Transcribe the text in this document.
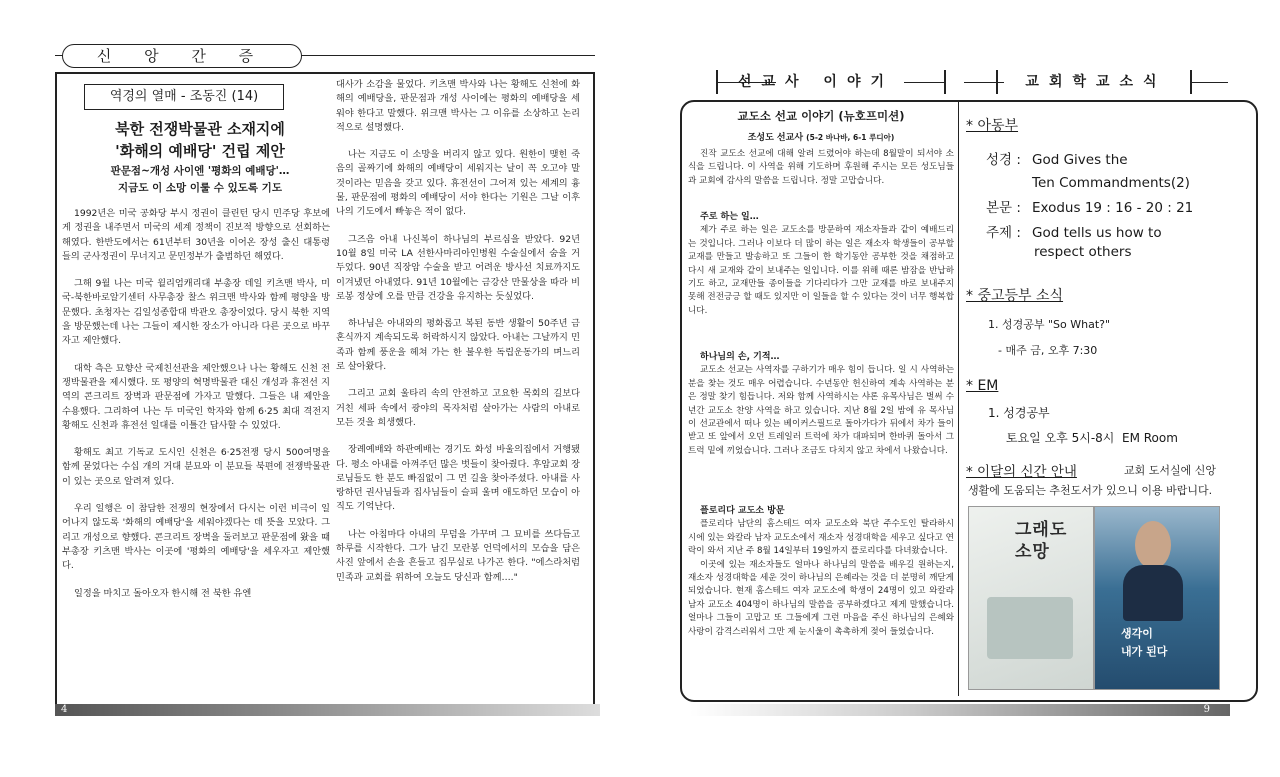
신 앙 간 증
역경의 열매 - 조동진 (14)
북한 전쟁박물관 소재지에
'화해의 예배당' 건립 제안
판문점~개성 사이엔 '평화의 예배당'…
지금도 이 소망 이룰 수 있도록 기도

1992년은 미국 공화당 부시 정권이 클린턴 당시 민주당 후보에게 정권을 내주면서 미국의 세계 정책이 진보적 방향으로 선회하는 해였다. 한반도에서는 61년부터 30년을 이어온 장성 출신 대통령들의 군사정권이 무너지고 문민정부가 출범하던 해였다.

그해 9월 나는 미국 윌리엄캐리대 부총장 데일 키츠맨 박사, 미국-북한바로알기센터 사무총장 찰스 위크맨 박사와 함께 평양을 방문했다. 초청자는 김일성종합대 박관오 총장이었다. 당시 북한 지역을 방문했는데 나는 그들이 제시한 장소가 아니라 다른 곳으로 바꾸자고 제안했다.

대학 측은 묘향산 국제친선관을 제안했으나 나는 황해도 신천 전쟁박물관을 제시했다. 또 평양의 혁명박물관 대신 개성과 휴전선 지역의 콘크리트 장벽과 판문점에 가자고 말했다. 그들은 내 제안을 수용했다. 그리하여 나는 두 미국인 학자와 함께 6·25 최대 격전지 황해도 신천과 휴전선 일대를 이틀간 답사할 수 있었다.

황해도 최고 기독교 도시인 신천은 6·25전쟁 당시 500여명을 함께 묻었다는 수십 개의 거대 분묘와 이 분묘들 북편에 전쟁박물관이 있는 곳으로 알려져 있다.

우리 일행은 이 참담한 전쟁의 현장에서 다시는 이런 비극이 일어나지 않도록 '화해의 예배당'을 세워야겠다는 데 뜻을 모았다. 그리고 개성으로 향했다. 콘크리트 장벽을 둘러보고 판문점에 왔을 때 부총장 키츠맨 박사는 이곳에 '평화의 예배당'을 세우자고 제안했다.

일정을 마치고 돌아오자 한시해 전 북한 유엔

대사가 소감을 물었다. 키츠맨 박사와 나는 황해도 신천에 화해의 예배당을, 판문점과 개성 사이에는 평화의 예배당을 세워야 한다고 말했다. 위크맨 박사는 그 이유를 소상하고 논리적으로 설명했다.

나는 지금도 이 소망을 버리지 않고 있다. 원한이 맺힌 죽음의 골짜기에 화해의 예배당이 세워지는 날이 꼭 오고야 말 것이라는 믿음을 갖고 있다. 휴전선이 그어져 있는 세계의 흉물, 판문점에 평화의 예배당이 서야 한다는 기원은 그날 이후 나의 기도에서 빠놓은 적이 없다.

그즈음 아내 나신복이 하나님의 부르심을 받았다. 92년 10월 8일 미국 LA 선한사마리아인병원 수술실에서 숨을 거두었다. 90년 직장암 수술을 받고 어려운 방사선 치료까지도 이겨냈던 아내였다. 91년 10월에는 금강산 만물상을 따라 비로봉 정상에 오를 만큼 건강을 유지하는 듯싶었다.

하나님은 아내와의 평화롭고 복된 동반 생활이 50주년 금혼식까지 계속되도록 허락하시지 않았다. 아내는 그날까지 민족과 함께 풍운을 헤쳐 가는 한 불우한 독립운동가의 며느리로 살아왔다.

그리고 교회 울타리 속의 안전하고 고요한 목회의 길보다 거친 세파 속에서 광야의 목자처럼 살아가는 사람의 아내로 모든 것을 희생했다.

장례예배와 하관예배는 경기도 화성 바울의집에서 거행됐다. 평소 아내를 아껴주던 많은 벗들이 찾아줬다. 후암교회 장로님들도 한 분도 빠짐없이 그 먼 길을 찾아주셨다. 아내를 사랑하던 권사님들과 집사님들이 슬피 울며 애도하던 모습이 아직도 기억난다.

나는 아침마다 아내의 무덤을 가꾸며 그 묘비를 쓰다듬고 하루를 시작한다. 그가 남긴 모란봉 언덕에서의 모습을 담은 사진 앞에서 손을 흔들고 집무실로 나가곤 한다. "에스라처럼 민족과 교회를 위하여 오늘도 당신과 함께…."

4
선교사 이야기	교회학교소식
교도소 선교 이야기 (뉴호프미션)
조성도 선교사 (5-2 바나바, 6-1 루디아)

진작 교도소 선교에 대해 알려 드렸어야 하는데 8월말이 되서야 소식을 드립니다. 이 사역을 위해 기도하며 후원해 주시는 모든 성도님들과 교회에 감사의 말씀을 드립니다. 정말 고맙습니다.

주로 하는 일…

제가 주로 하는 일은 교도소를 방문하여 재소자들과 같이 예배드리는 것입니다. 그러나 이보다 더 많이 하는 일은 재소자 학생들이 공부할 교재를 만들고 발송하고 또 그들이 한 학기동안 공부한 것을 채점하고 다시 새 교재와 같이 보내주는 일입니다. 이를 위해 때론 밤잠을 반납하기도 하고, 교재만들 종이들을 기다리다가 그만 교재를 바로 보내주지 못해 전전긍긍 할 때도 있지만 이 일들을 할 수 있다는 것이 너무 행복합니다.

하나님의 손, 기적…

교도소 선교는 사역자를 구하기가 매우 힘이 듭니다. 일 시 사역하는 분을 찾는 것도 매우 어렵습니다. 수년동안 헌신하여 계속 사역하는 분은 정말 찾기 힘듭니다. 저와 함께 사역하시는 샤론 유목사님은 벌써 수년간 교도소 찬양 사역을 하고 있습니다. 지난 8월 2일 밤에 유 목사님이 선교관에서 떠나 있는 베이커스필드로 돌아가다가 뒤에서 차가 들이 받고 또 앞에서 오던 트레일러 트럭에 차가 대파되며 한바퀴 돌아서 그 트럭 밑에 끼었습니다. 그러나 조금도 다치지 않고 차에서 나왔습니다.

플로리다 교도소 방문

플로리다 남단의 홈스테드 여자 교도소와 북단 주수도인 탈라하시 시에 있는 와칼라 남자 교도소에서 재소자 성경대학을 세우고 싶다고 연락이 와서 지난 주 8월 14일부터 19일까지 플로리다를 다녀왔습니다.

이곳에 있는 재소자들도 얼마나 하나님의 말씀을 배우길 원하는지, 재소자 성경대학을 세운 것이 하나님의 은혜라는 것을 더 분명히 깨닫게 되었습니다. 현재 홈스테드 여자 교도소에 학생이 24명이 있고 와칼라 남자 교도소 404명이 하나님의 말씀을 공부하겠다고 제게 말했습니다. 얼마나 그들이 고맙고 또 그들에게 그런 마음을 주신 하나님의 은혜와 사랑이 감격스러워서 그만 제 눈시울이 촉촉하게 젖어 들었습니다.

* 아동부
성경 : God Gives the
Ten Commandments(2)
본문 : Exodus 19 : 16 - 20 : 21
주제 : God tells us how to
respect others
* 중고등부 소식
1. 성경공부 "So What?"
- 매주 금, 오후 7:30
* EM
1. 성경공부
토요일 오후 5시-8시  EM Room
* 이달의 신간 안내	교회 도서실에 신앙
생활에 도움되는 추천도서가 있으니 이용 바랍니다.
그래도 소망
생각이
내가 된다
9
